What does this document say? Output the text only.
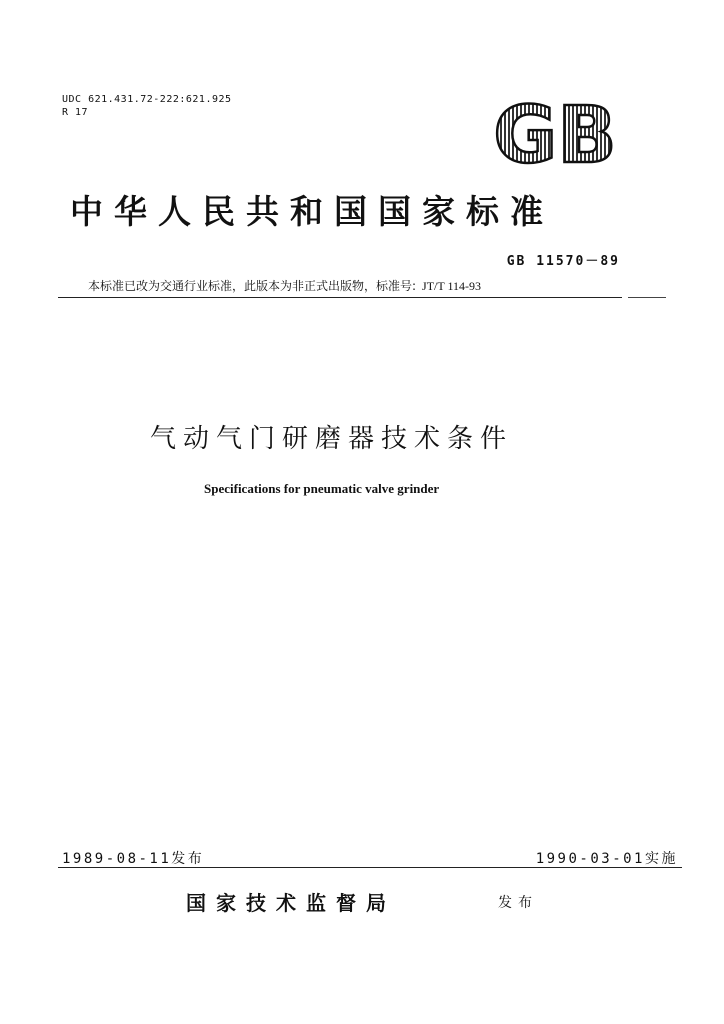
UDC 621.431.72-222:621.925
R 17	GB
中华人民共和国国家标准
GB 11570－89
本标准已改为交通行业标准，此版本为非正式出版物，标准号: JT/T 114-93
气动气门研磨器技术条件
Specifications for pneumatic valve grinder
1989-08-11发布	1990-03-01实施
国家技术监督局	发布
